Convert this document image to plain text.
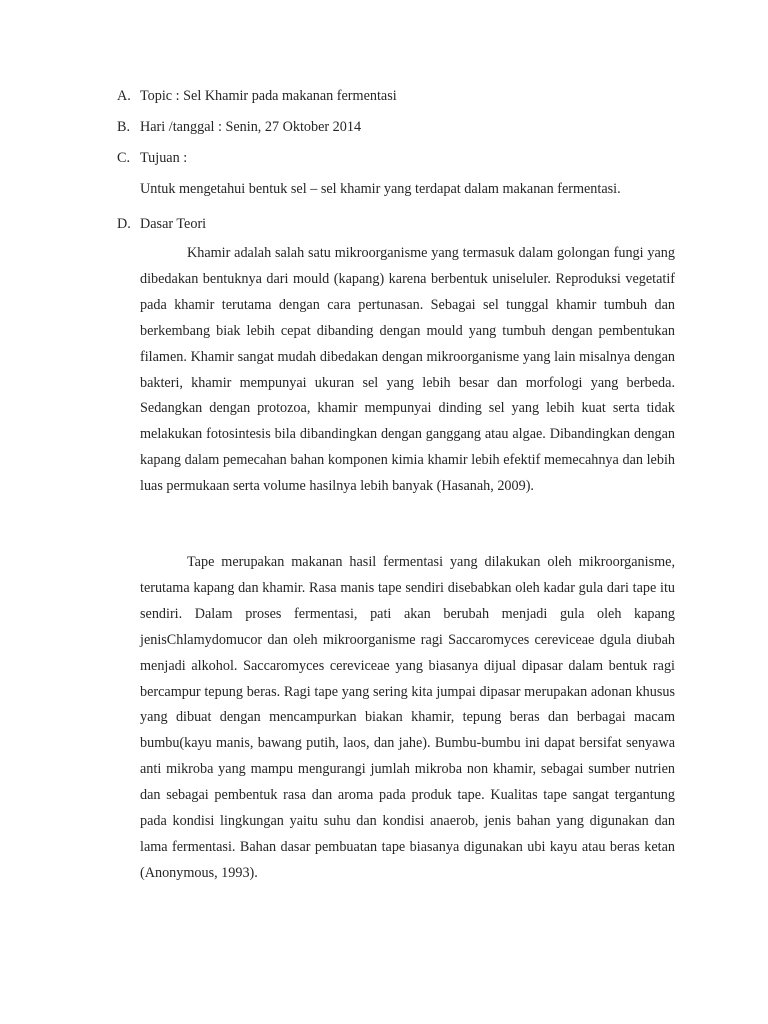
A. Topic : Sel Khamir pada makanan fermentasi
B. Hari /tanggal : Senin, 27 Oktober 2014
C. Tujuan :
Untuk mengetahui bentuk sel – sel khamir yang terdapat dalam makanan fermentasi.
D. Dasar Teori

Khamir adalah salah satu mikroorganisme yang termasuk dalam golongan fungi yang dibedakan bentuknya dari mould (kapang) karena berbentuk uniseluler. Reproduksi vegetatif pada khamir terutama dengan cara pertunasan. Sebagai sel tunggal khamir tumbuh dan berkembang biak lebih cepat dibanding dengan mould yang tumbuh dengan pembentukan filamen. Khamir sangat mudah dibedakan dengan mikroorganisme yang lain misalnya dengan bakteri, khamir mempunyai ukuran sel yang lebih besar dan morfologi yang berbeda. Sedangkan dengan protozoa, khamir mempunyai dinding sel yang lebih kuat serta tidak melakukan fotosintesis bila dibandingkan dengan ganggang atau algae. Dibandingkan dengan kapang dalam pemecahan bahan komponen kimia khamir lebih efektif memecahnya dan lebih luas permukaan serta volume hasilnya lebih banyak (Hasanah, 2009).

Tape merupakan makanan hasil fermentasi yang dilakukan oleh mikroorganisme, terutama kapang dan khamir. Rasa manis tape sendiri disebabkan oleh kadar gula dari tape itu sendiri. Dalam proses fermentasi, pati akan berubah menjadi gula oleh kapang jenisChlamydomucor dan oleh mikroorganisme ragi Saccaromyces cereviceae dgula diubah menjadi alkohol. Saccaromyces cereviceae yang biasanya dijual dipasar dalam bentuk ragi bercampur tepung beras. Ragi tape yang sering kita jumpai dipasar merupakan adonan khusus yang dibuat dengan mencampurkan biakan khamir, tepung beras dan berbagai macam bumbu(kayu manis, bawang putih, laos, dan jahe). Bumbu-bumbu ini dapat bersifat senyawa anti mikroba yang mampu mengurangi jumlah mikroba non khamir, sebagai sumber nutrien dan sebagai pembentuk rasa dan aroma pada produk tape. Kualitas tape sangat tergantung pada kondisi lingkungan yaitu suhu dan kondisi anaerob, jenis bahan yang digunakan dan lama fermentasi. Bahan dasar pembuatan tape biasanya digunakan ubi kayu atau beras ketan (Anonymous, 1993).
